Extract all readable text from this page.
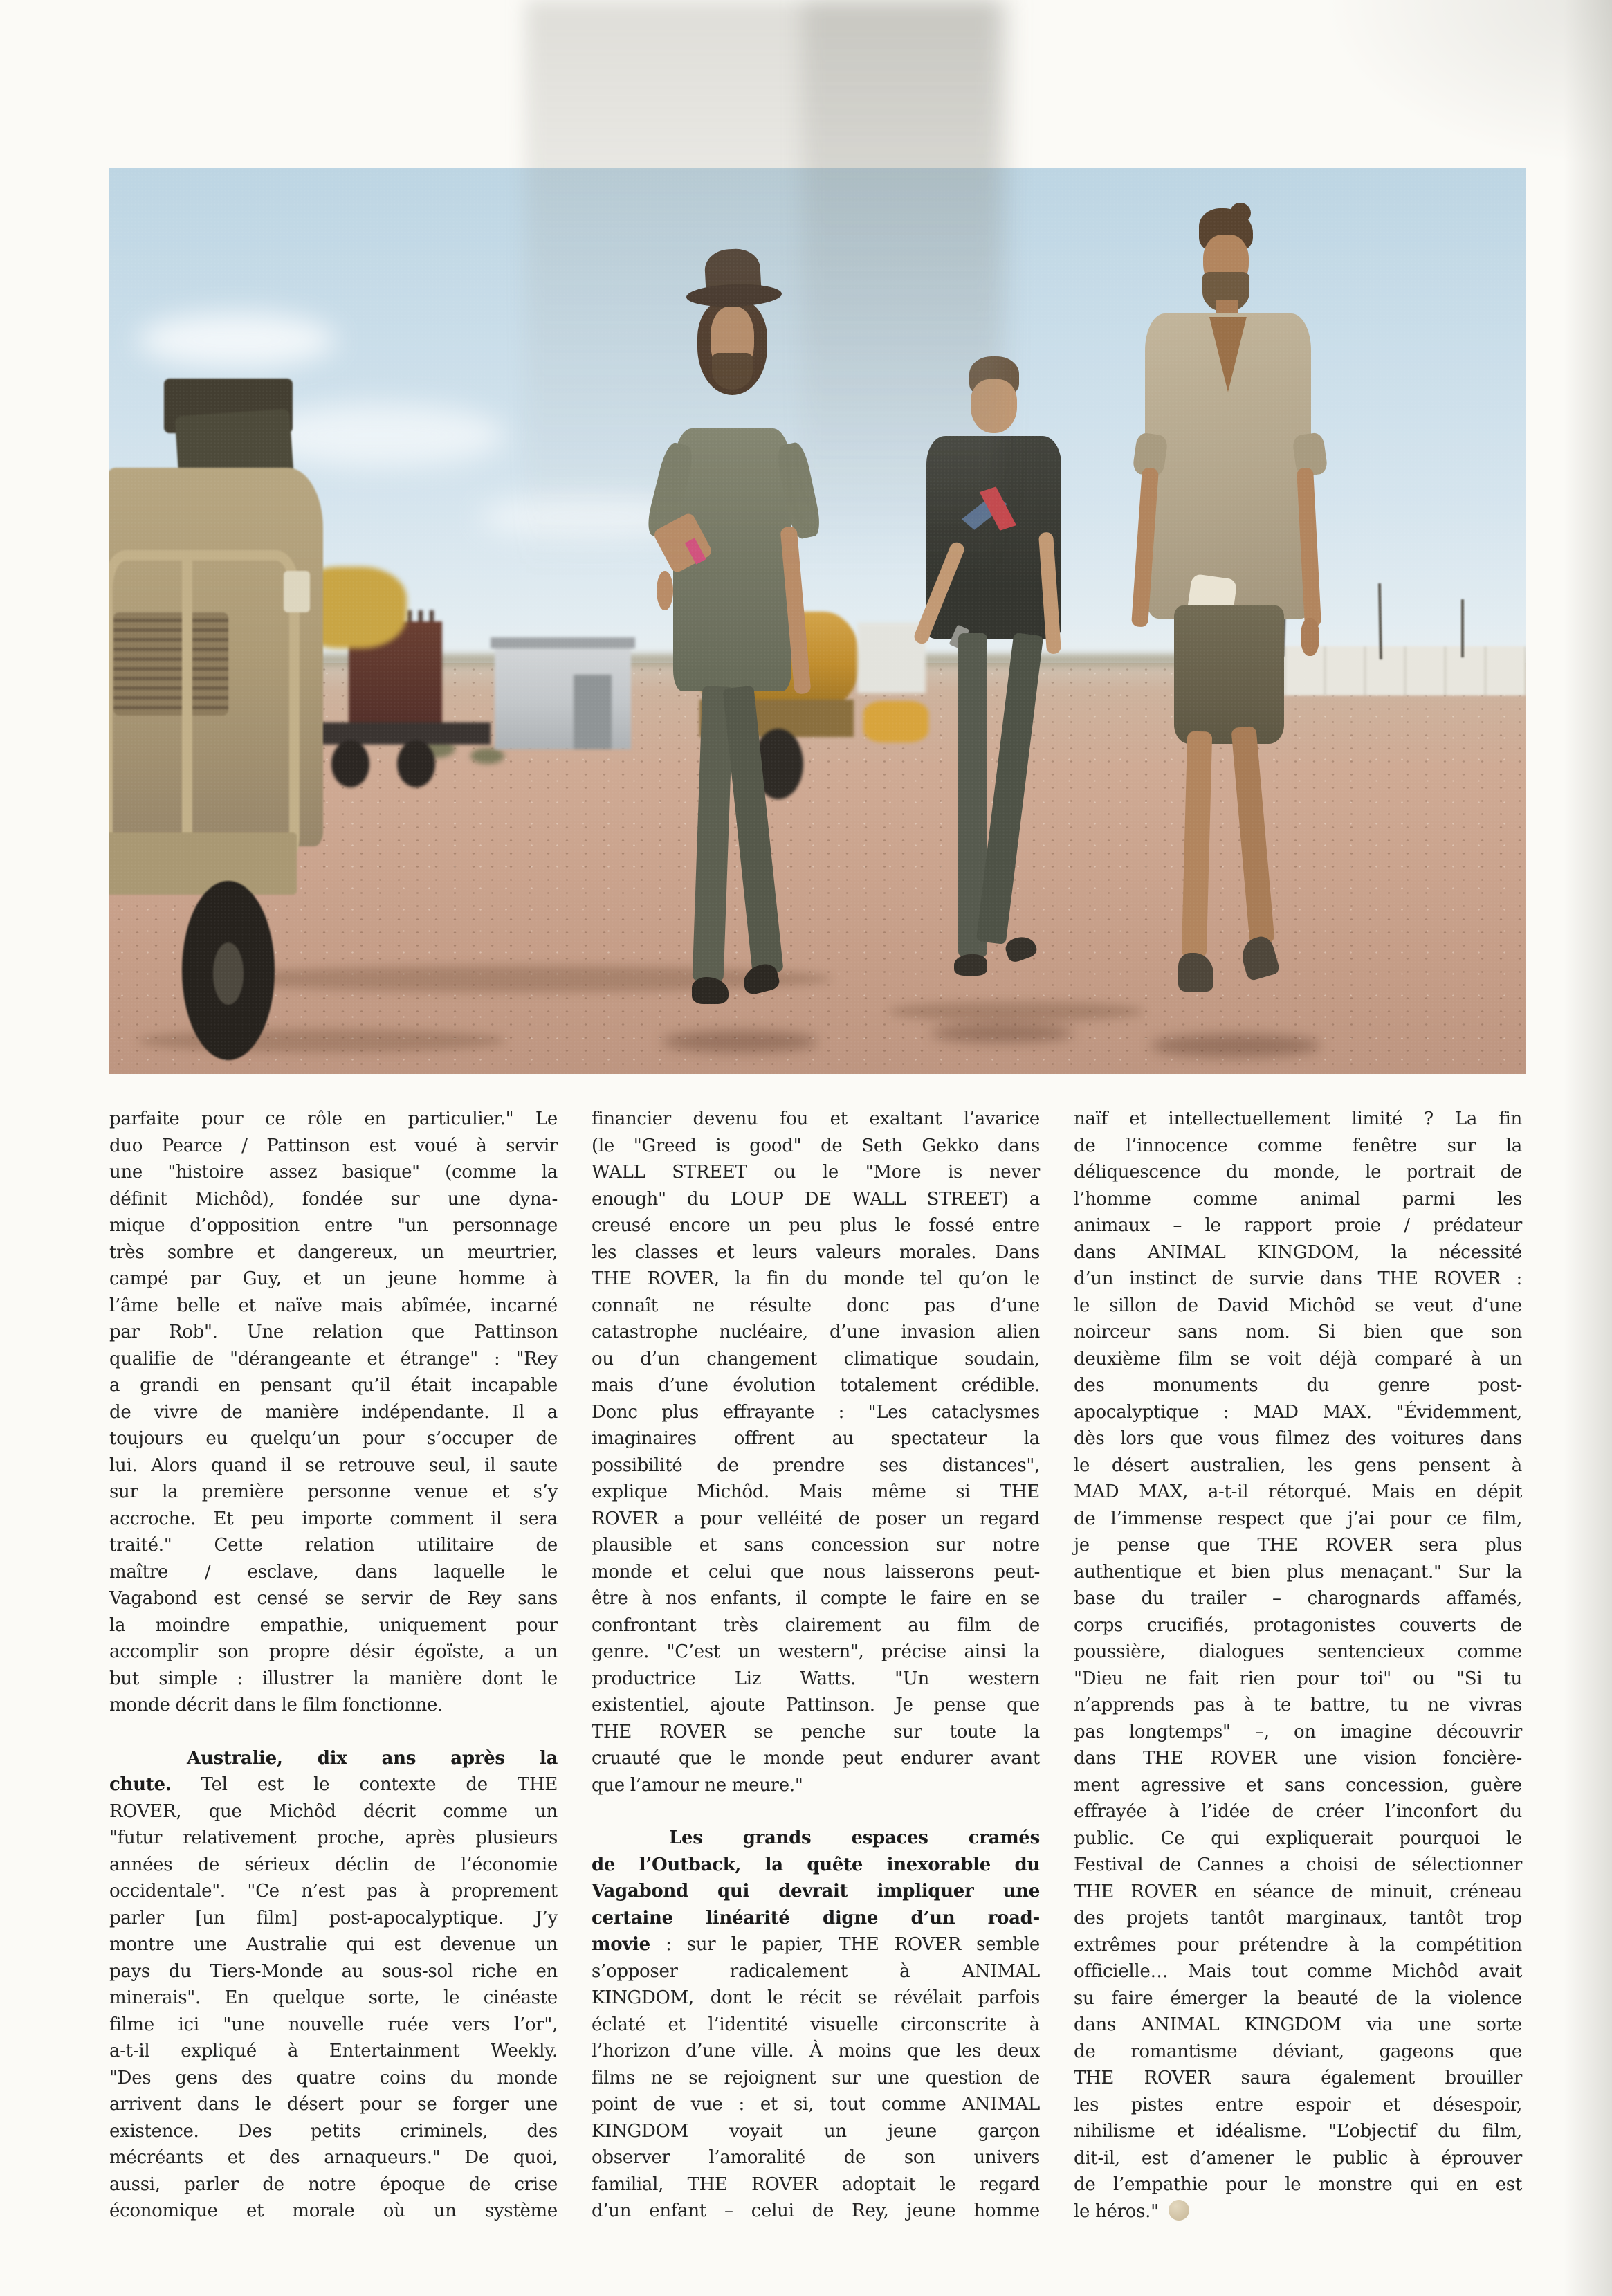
parfaite pour ce rôle en particulier." Le
duo Pearce / Pattinson est voué à servir
une "histoire assez basique" (comme la
définit Michôd), fondée sur une dyna-
mique d’opposition entre "un personnage
très sombre et dangereux, un meurtrier,
campé par Guy, et un jeune homme à
l’âme belle et naïve mais abîmée, incarné
par Rob". Une relation que Pattinson
qualifie de "dérangeante et étrange" : "Rey
a grandi en pensant qu’il était incapable
de vivre de manière indépendante. Il a
toujours eu quelqu’un pour s’occuper de
lui. Alors quand il se retrouve seul, il saute
sur la première personne venue et s’y
accroche. Et peu importe comment il sera
traité." Cette relation utilitaire de
maître / esclave, dans laquelle le
Vagabond est censé se servir de Rey sans
la moindre empathie, uniquement pour
accomplir son propre désir égoïste, a un
but simple : illustrer la manière dont le
monde décrit dans le film fonctionne.
Australie, dix ans après la
chute. Tel est le contexte de THE
ROVER, que Michôd décrit comme un
"futur relativement proche, après plusieurs
années de sérieux déclin de l’économie
occidentale". "Ce n’est pas à proprement
parler [un film] post-apocalyptique. J’y
montre une Australie qui est devenue un
pays du Tiers-Monde au sous-sol riche en
minerais". En quelque sorte, le cinéaste
filme ici "une nouvelle ruée vers l’or",
a-t-il expliqué à Entertainment Weekly.
"Des gens des quatre coins du monde
arrivent dans le désert pour se forger une
existence. Des petits criminels, des
mécréants et des arnaqueurs." De quoi,
aussi, parler de notre époque de crise
économique et morale où un système
financier devenu fou et exaltant l’avarice
(le "Greed is good" de Seth Gekko dans
WALL STREET ou le "More is never
enough" du LOUP DE WALL STREET) a
creusé encore un peu plus le fossé entre
les classes et leurs valeurs morales. Dans
THE ROVER, la fin du monde tel qu’on le
connaît ne résulte donc pas d’une
catastrophe nucléaire, d’une invasion alien
ou d’un changement climatique soudain,
mais d’une évolution totalement crédible.
Donc plus effrayante : "Les cataclysmes
imaginaires offrent au spectateur la
possibilité de prendre ses distances",
explique Michôd. Mais même si THE
ROVER a pour velléité de poser un regard
plausible et sans concession sur notre
monde et celui que nous laisserons peut-
être à nos enfants, il compte le faire en se
confrontant très clairement au film de
genre. "C’est un western", précise ainsi la
productrice Liz Watts. "Un western
existentiel, ajoute Pattinson. Je pense que
THE ROVER se penche sur toute la
cruauté que le monde peut endurer avant
que l’amour ne meure."
Les grands espaces cramés
de l’Outback, la quête inexorable du
Vagabond qui devrait impliquer une
certaine linéarité digne d’un road-
movie : sur le papier, THE ROVER semble
s’opposer radicalement à ANIMAL
KINGDOM, dont le récit se révélait parfois
éclaté et l’identité visuelle circonscrite à
l’horizon d’une ville. À moins que les deux
films ne se rejoignent sur une question de
point de vue : et si, tout comme ANIMAL
KINGDOM voyait un jeune garçon
observer l’amoralité de son univers
familial, THE ROVER adoptait le regard
d’un enfant – celui de Rey, jeune homme
naïf et intellectuellement limité ? La fin
de l’innocence comme fenêtre sur la
déliquescence du monde, le portrait de
l’homme comme animal parmi les
animaux – le rapport proie / prédateur
dans ANIMAL KINGDOM, la nécessité
d’un instinct de survie dans THE ROVER :
le sillon de David Michôd se veut d’une
noirceur sans nom. Si bien que son
deuxième film se voit déjà comparé à un
des monuments du genre post-
apocalyptique : MAD MAX. "Évidemment,
dès lors que vous filmez des voitures dans
le désert australien, les gens pensent à
MAD MAX, a-t-il rétorqué. Mais en dépit
de l’immense respect que j’ai pour ce film,
je pense que THE ROVER sera plus
authentique et bien plus menaçant." Sur la
base du trailer – charognards affamés,
corps crucifiés, protagonistes couverts de
poussière, dialogues sentencieux comme
"Dieu ne fait rien pour toi" ou "Si tu
n’apprends pas à te battre, tu ne vivras
pas longtemps" –, on imagine découvrir
dans THE ROVER une vision foncière-
ment agressive et sans concession, guère
effrayée à l’idée de créer l’inconfort du
public. Ce qui expliquerait pourquoi le
Festival de Cannes a choisi de sélectionner
THE ROVER en séance de minuit, créneau
des projets tantôt marginaux, tantôt trop
extrêmes pour prétendre à la compétition
officielle… Mais tout comme Michôd avait
su faire émerger la beauté de la violence
dans ANIMAL KINGDOM via une sorte
de romantisme déviant, gageons que
THE ROVER saura également brouiller
les pistes entre espoir et désespoir,
nihilisme et idéalisme. "L’objectif du film,
dit-il, est d’amener le public à éprouver
de l’empathie pour le monstre qui en est
le héros."
